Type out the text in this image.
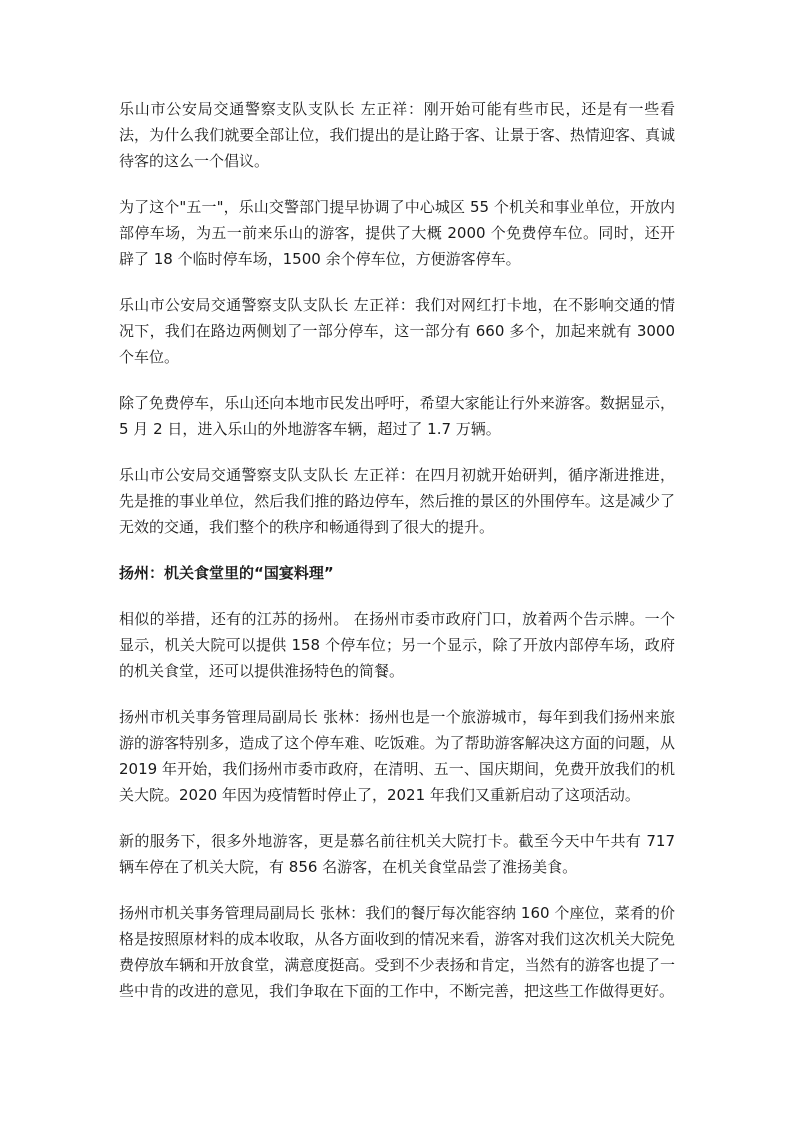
乐山市公安局交通警察支队支队长 左正祥：刚开始可能有些市民，还是有一些看法，为什么我们就要全部让位，我们提出的是让路于客、让景于客、热情迎客、真诚待客的这么一个倡议。

为了这个"五一"，乐山交警部门提早协调了中心城区 55 个机关和事业单位，开放内部停车场，为五一前来乐山的游客，提供了大概 2000 个免费停车位。同时，还开辟了 18 个临时停车场，1500 余个停车位，方便游客停车。

乐山市公安局交通警察支队支队长 左正祥：我们对网红打卡地，在不影响交通的情况下，我们在路边两侧划了一部分停车，这一部分有 660 多个，加起来就有 3000 个车位。

除了免费停车，乐山还向本地市民发出呼吁，希望大家能让行外来游客。数据显示，5 月 2 日，进入乐山的外地游客车辆，超过了 1.7 万辆。

乐山市公安局交通警察支队支队长 左正祥：在四月初就开始研判，循序渐进推进，先是推的事业单位，然后我们推的路边停车，然后推的景区的外围停车。这是减少了无效的交通，我们整个的秩序和畅通得到了很大的提升。

扬州：机关食堂里的“国宴料理”

相似的举措，还有的江苏的扬州。 在扬州市委市政府门口，放着两个告示牌。一个显示，机关大院可以提供 158 个停车位；另一个显示，除了开放内部停车场，政府的机关食堂，还可以提供淮扬特色的简餐。

扬州市机关事务管理局副局长 张林：扬州也是一个旅游城市，每年到我们扬州来旅游的游客特别多，造成了这个停车难、吃饭难。为了帮助游客解决这方面的问题，从 2019 年开始，我们扬州市委市政府，在清明、五一、国庆期间，免费开放我们的机关大院。2020 年因为疫情暂时停止了，2021 年我们又重新启动了这项活动。

新的服务下，很多外地游客，更是慕名前往机关大院打卡。截至今天中午共有 717 辆车停在了机关大院，有 856 名游客，在机关食堂品尝了淮扬美食。

扬州市机关事务管理局副局长 张林：我们的餐厅每次能容纳 160 个座位，菜肴的价格是按照原材料的成本收取，从各方面收到的情况来看，游客对我们这次机关大院免费停放车辆和开放食堂，满意度挺高。受到不少表扬和肯定，当然有的游客也提了一些中肯的改进的意见，我们争取在下面的工作中，不断完善，把这些工作做得更好。
